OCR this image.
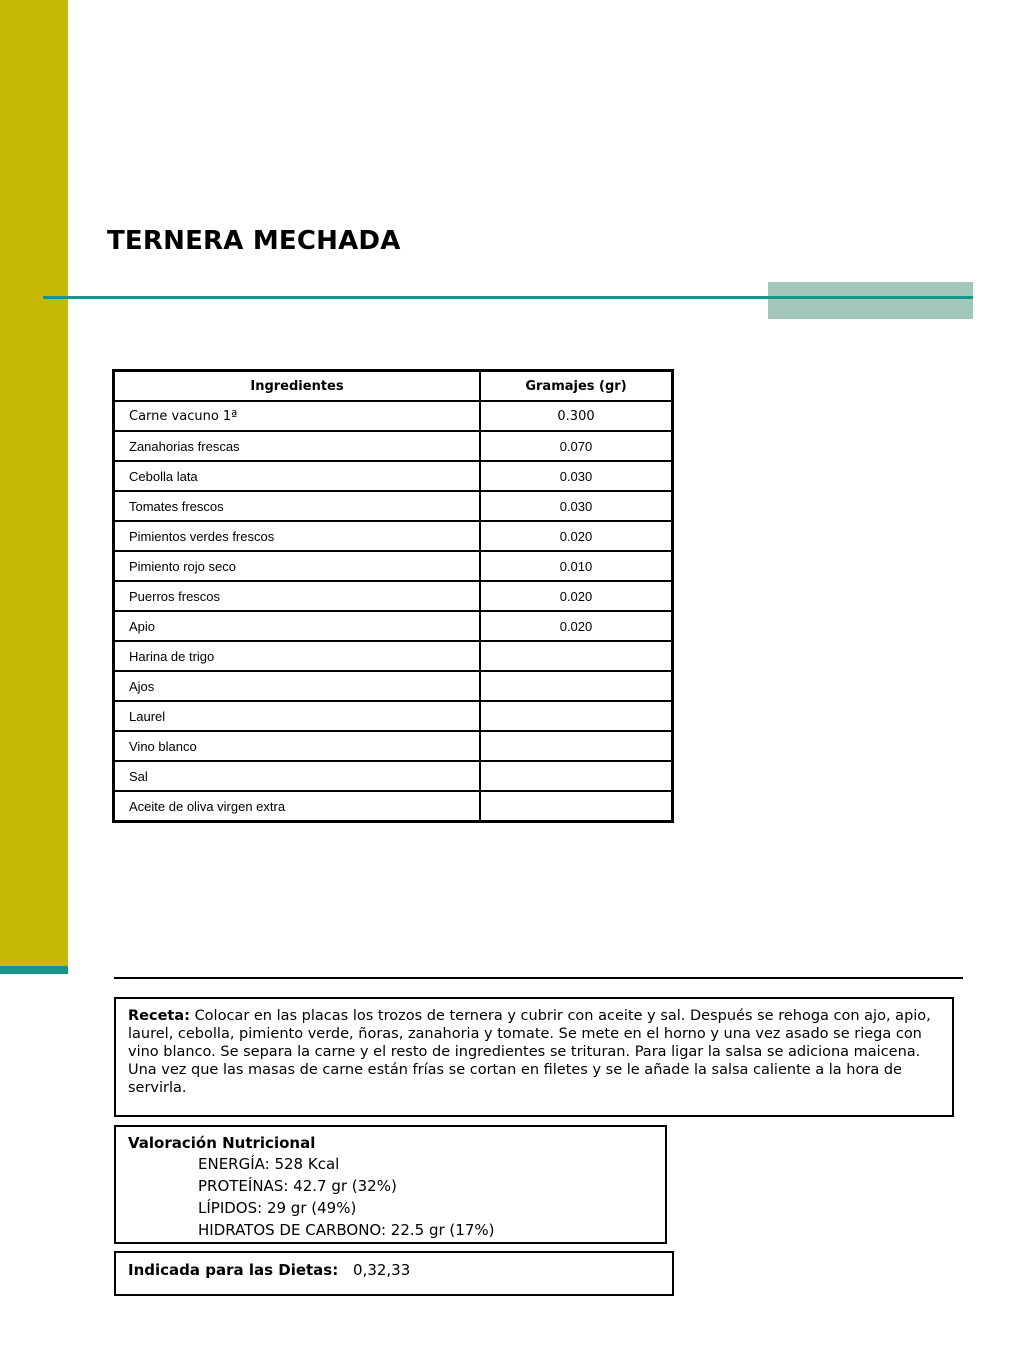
TERNERA MECHADA
Ingredientes	Gramajes (gr)
Carne vacuno 1ª	0.300
Zanahorias frescas	0.070
Cebolla lata	0.030
Tomates frescos	0.030
Pimientos verdes frescos	0.020
Pimiento rojo seco	0.010
Puerros frescos	0.020
Apio	0.020
Harina de trigo	
Ajos	
Laurel	
Vino blanco	
Sal	
Aceite de oliva virgen extra	
Receta: Colocar en las placas los trozos de ternera y cubrir con aceite y sal. Después se rehoga con ajo, apio, laurel, cebolla, pimiento verde, ñoras, zanahoria y tomate. Se mete en el horno y una vez asado se riega con vino blanco. Se separa la carne y el resto de ingredientes se trituran. Para ligar la salsa se adiciona maicena. Una vez que las masas de carne están frías se cortan en filetes y se le añade la salsa caliente a la hora de servirla.
Valoración Nutricional
ENERGÍA: 528 Kcal
PROTEÍNAS: 42.7 gr (32%)
LÍPIDOS: 29 gr (49%)
HIDRATOS DE CARBONO: 22.5 gr (17%)
Indicada para las Dietas: 0,32,33
